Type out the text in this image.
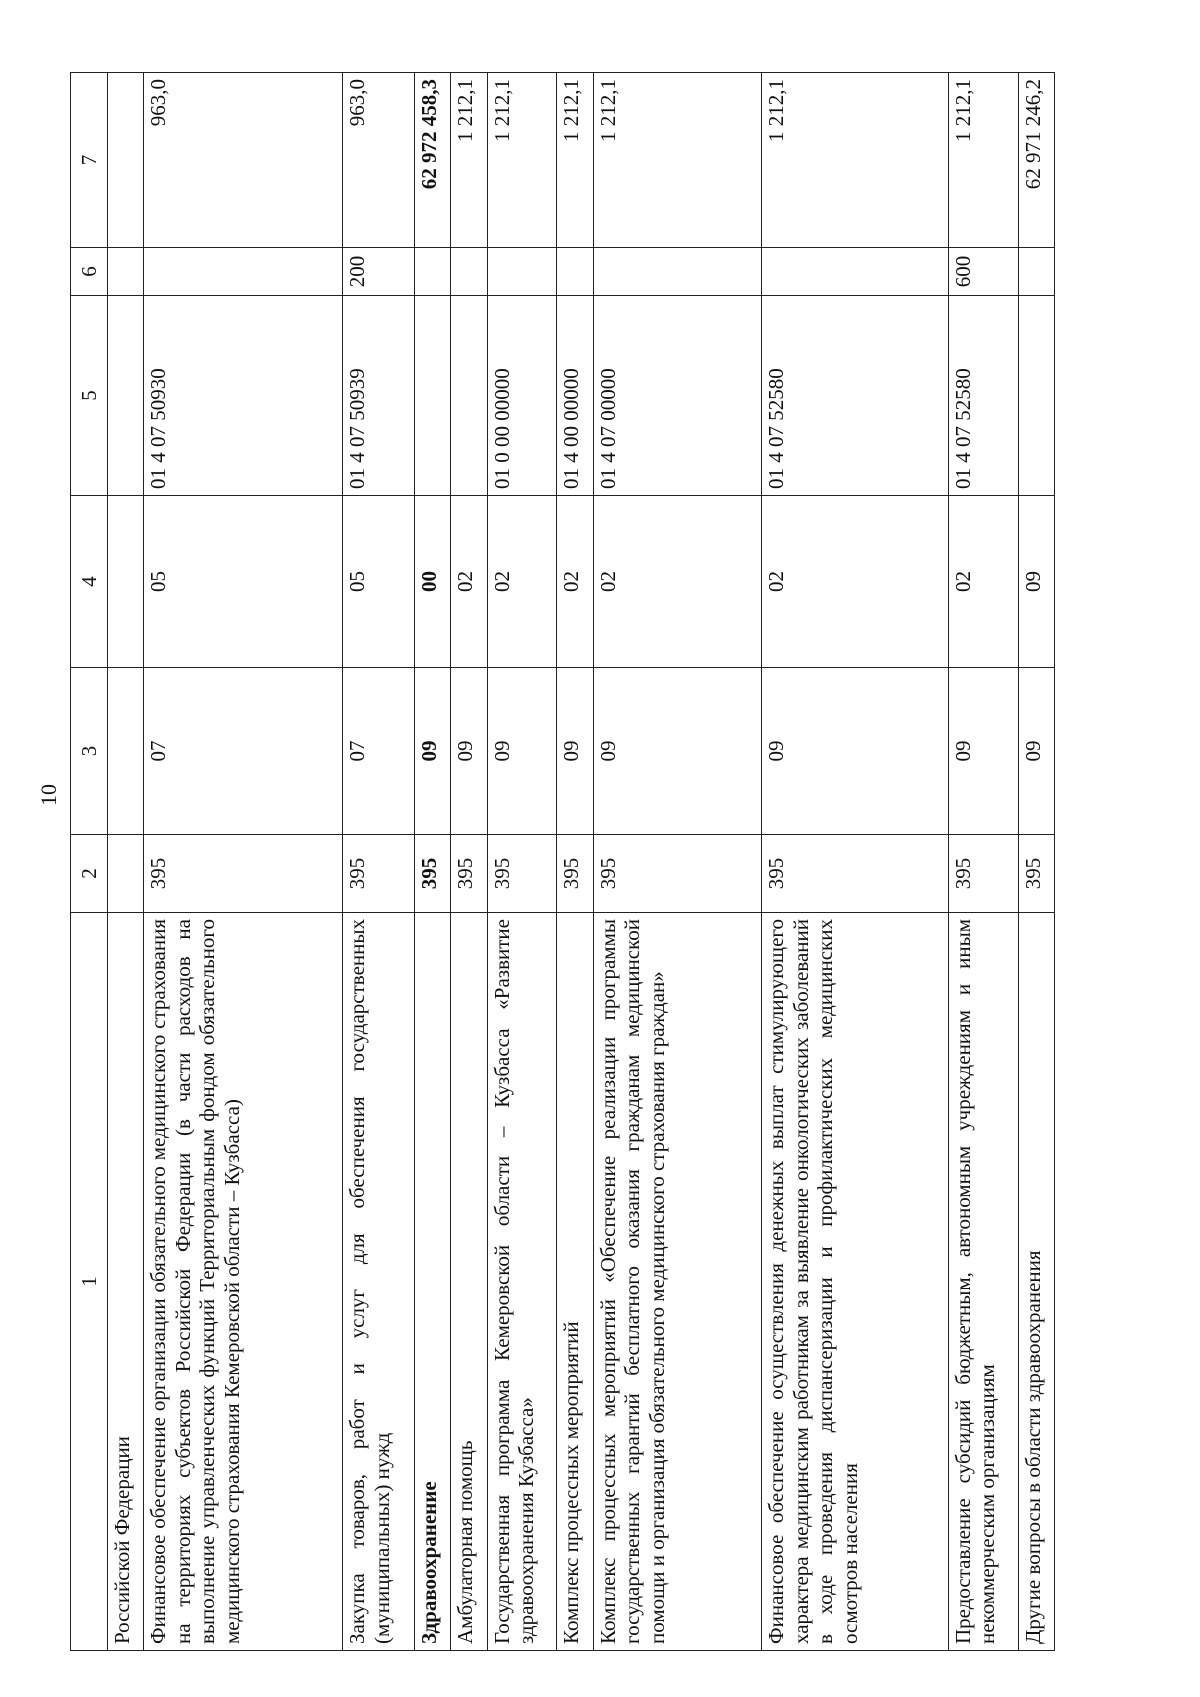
10
1	2	3	4	5	6	7
Российской Федерации						
Финансовое обеспечение организации обязательного медицинского страхования на территориях субъектов Российской Федерации (в части расходов на выполнение управленческих функций Территориальным фондом обязательного медицинского страхования Кемеровской области – Кузбасса)	395	07	05	01 4 07 50930		963,0
Закупка товаров, работ и услуг для обеспечения государственных (муниципальных) нужд	395	07	05	01 4 07 50939	200	963,0
Здравоохранение	395	09	00			62 972 458,3
Амбулаторная помощь	395	09	02			1 212,1
Государственная программа Кемеровской области – Кузбасса «Развитие здравоохранения Кузбасса»	395	09	02	01 0 00 00000		1 212,1
Комплекс процессных мероприятий	395	09	02	01 4 00 00000		1 212,1
Комплекс процессных мероприятий «Обеспечение реализации программы государственных гарантий бесплатного оказания гражданам медицинской помощи и организация обязательного медицинского страхования граждан»	395	09	02	01 4 07 00000		1 212,1
Финансовое обеспечение осуществления денежных выплат стимулирующего характера медицинским работникам за выявление онкологических заболеваний в ходе проведения диспансеризации и профилактических медицинских осмотров населения	395	09	02	01 4 07 52580		1 212,1
Предоставление субсидий бюджетным, автономным учреждениям и иным некоммерческим организациям	395	09	02	01 4 07 52580	600	1 212,1
Другие вопросы в области здравоохранения	395	09	09			62 971 246,2
